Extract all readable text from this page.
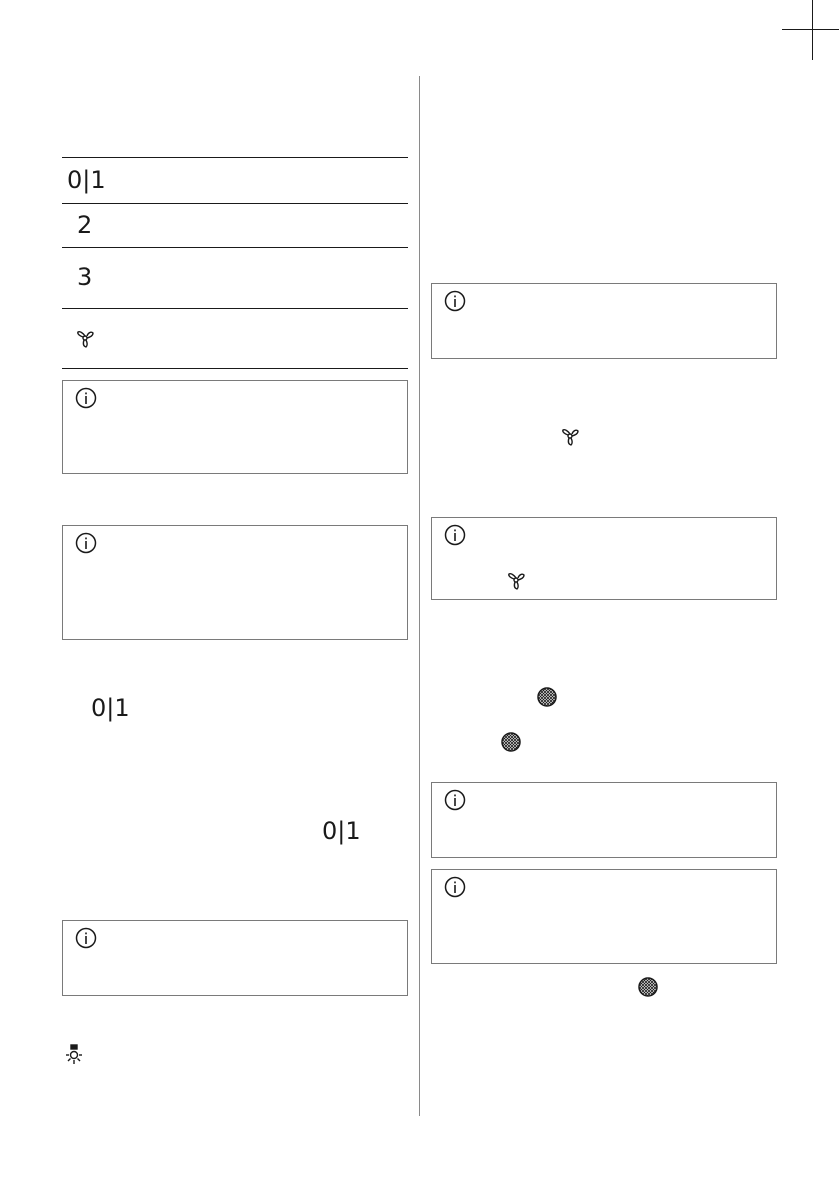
0|1
2
3
0|1
0|1
